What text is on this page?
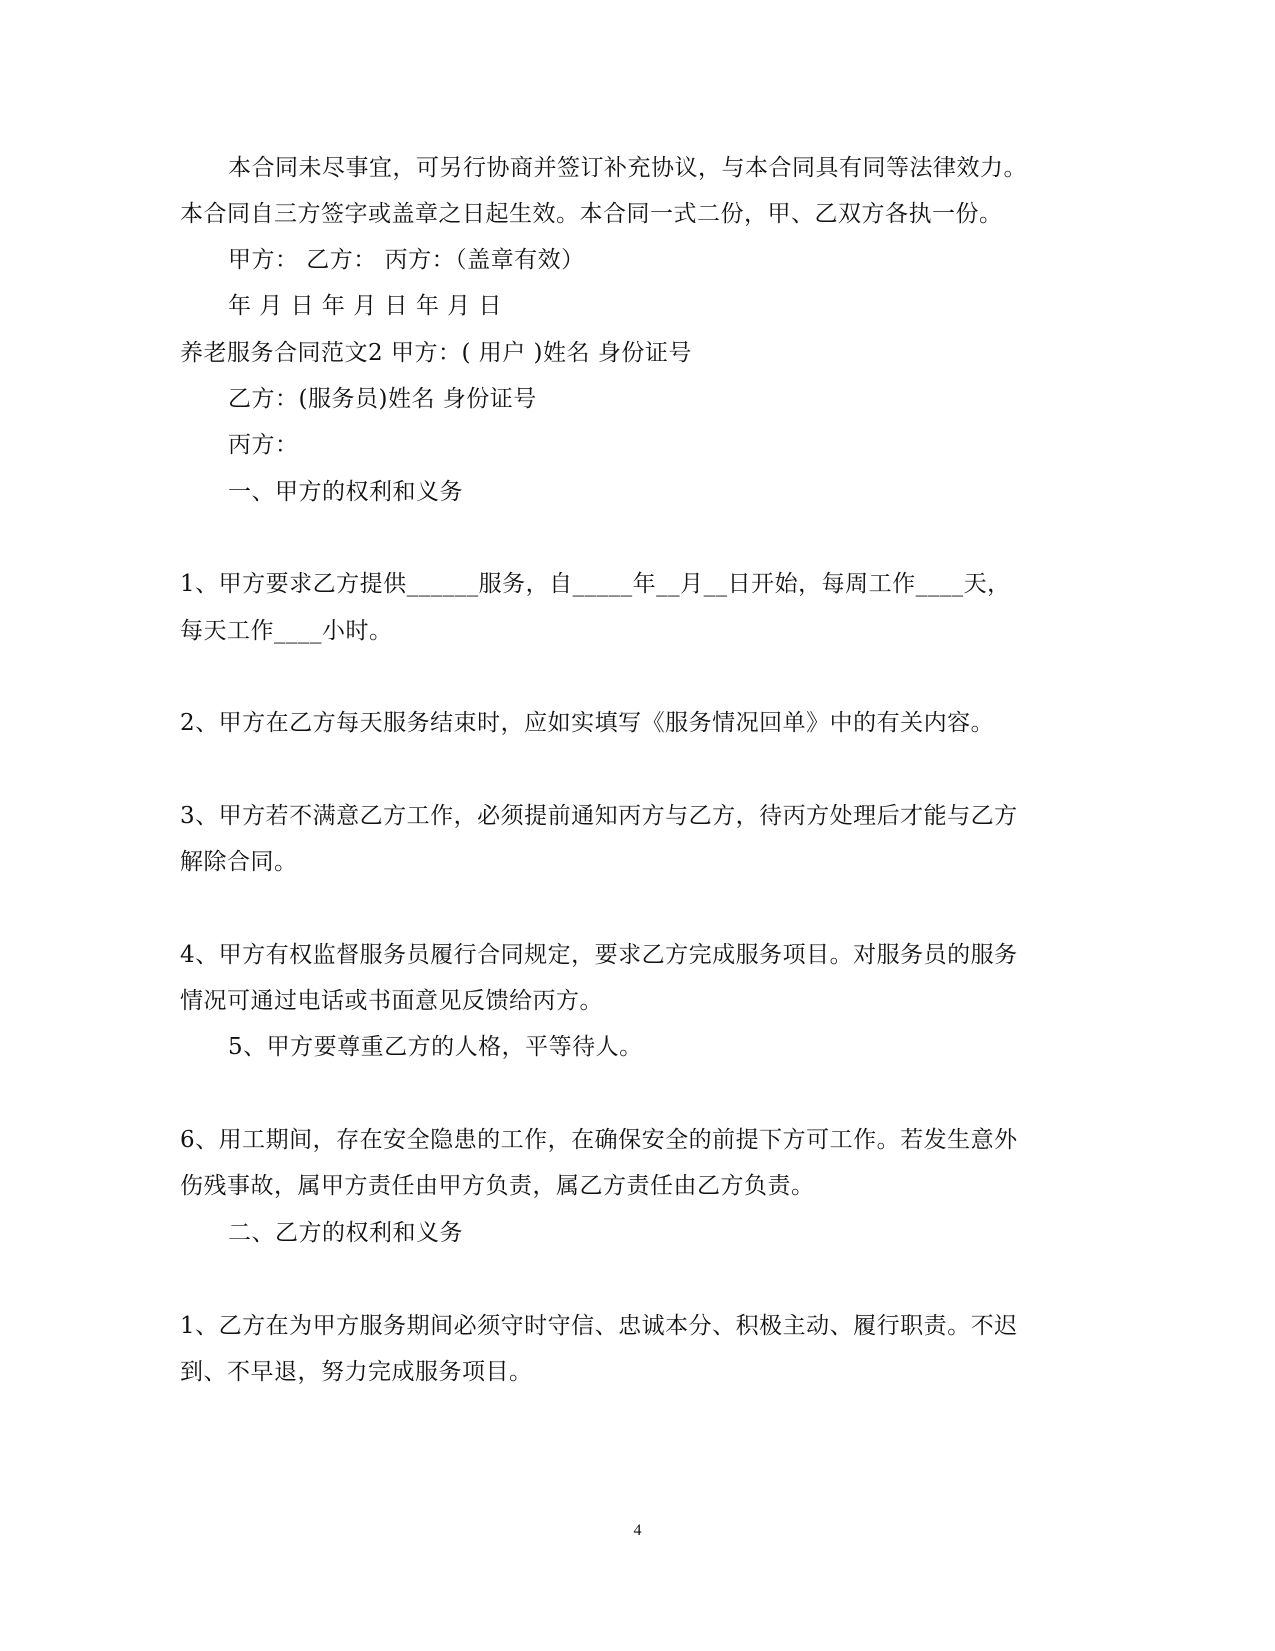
本合同未尽事宜，可另行协商并签订补充协议，与本合同具有同等法律效力。
本合同自三方签字或盖章之日起生效。本合同一式二份，甲、乙双方各执一份。
甲方： 乙方： 丙方：（盖章有效）
年 月 日 年 月 日 年 月 日
养老服务合同范文2 甲方：( 用户 )姓名 身份证号
乙方：(服务员)姓名 身份证号
丙方：
一、甲方的权利和义务
1、甲方要求乙方提供______服务，自_____年__月__日开始，每周工作____天，
每天工作____小时。
2、甲方在乙方每天服务结束时，应如实填写《服务情况回单》中的有关内容。
3、甲方若不满意乙方工作，必须提前通知丙方与乙方，待丙方处理后才能与乙方
解除合同。
4、甲方有权监督服务员履行合同规定，要求乙方完成服务项目。对服务员的服务
情况可通过电话或书面意见反馈给丙方。
5、甲方要尊重乙方的人格，平等待人。
6、用工期间，存在安全隐患的工作，在确保安全的前提下方可工作。若发生意外
伤残事故，属甲方责任由甲方负责，属乙方责任由乙方负责。
二、乙方的权利和义务
1、乙方在为甲方服务期间必须守时守信、忠诚本分、积极主动、履行职责。不迟
到、不早退，努力完成服务项目。
4
